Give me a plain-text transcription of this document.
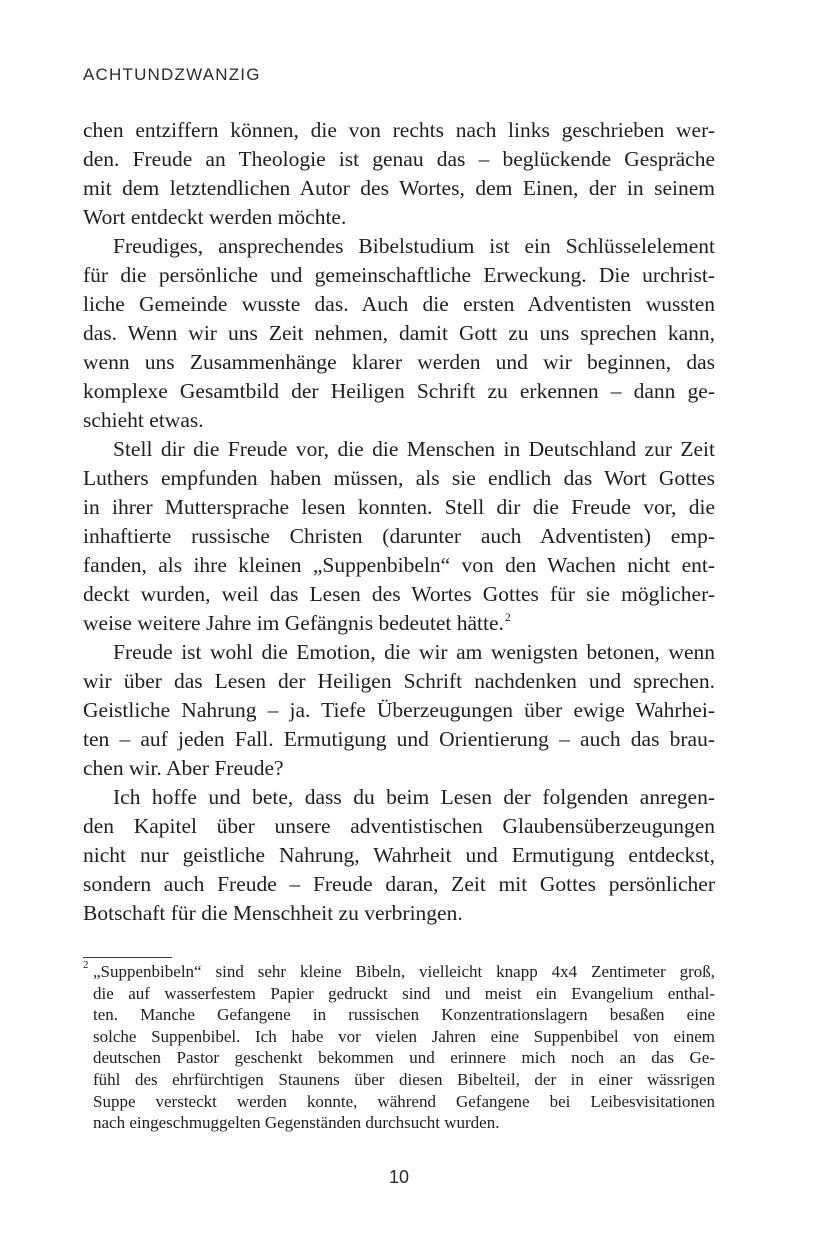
ACHTUNDZWANZIG
chen entziffern können, die von rechts nach links geschrieben wer-
den. Freude an Theologie ist genau das – beglückende Gespräche
mit dem letztendlichen Autor des Wortes, dem Einen, der in seinem
Wort entdeckt werden möchte.
Freudiges, ansprechendes Bibelstudium ist ein Schlüsselelement
für die persönliche und gemeinschaftliche Erweckung. Die urchrist-
liche Gemeinde wusste das. Auch die ersten Adventisten wussten
das. Wenn wir uns Zeit nehmen, damit Gott zu uns sprechen kann,
wenn uns Zusammenhänge klarer werden und wir beginnen, das
komplexe Gesamtbild der Heiligen Schrift zu erkennen – dann ge-
schieht etwas.
Stell dir die Freude vor, die die Menschen in Deutschland zur Zeit
Luthers empfunden haben müssen, als sie endlich das Wort Gottes
in ihrer Muttersprache lesen konnten. Stell dir die Freude vor, die
inhaftierte russische Christen (darunter auch Adventisten) emp-
fanden, als ihre kleinen „Suppenbibeln“ von den Wachen nicht ent-
deckt wurden, weil das Lesen des Wortes Gottes für sie möglicher-
weise weitere Jahre im Gefängnis bedeutet hätte.$^2$
Freude ist wohl die Emotion, die wir am wenigsten betonen, wenn
wir über das Lesen der Heiligen Schrift nachdenken und sprechen.
Geistliche Nahrung – ja. Tiefe Überzeugungen über ewige Wahrhei-
ten – auf jeden Fall. Ermutigung und Orientierung – auch das brau-
chen wir. Aber Freude?
Ich hoffe und bete, dass du beim Lesen der folgenden anregen-
den Kapitel über unsere adventistischen Glaubensüberzeugungen
nicht nur geistliche Nahrung, Wahrheit und Ermutigung entdeckst,
sondern auch Freude – Freude daran, Zeit mit Gottes persönlicher
Botschaft für die Menschheit zu verbringen.
2 „Suppenbibeln“ sind sehr kleine Bibeln, vielleicht knapp 4x4 Zentimeter groß,
die auf wasserfestem Papier gedruckt sind und meist ein Evangelium enthal-
ten. Manche Gefangene in russischen Konzentrationslagern besaßen eine
solche Suppenbibel. Ich habe vor vielen Jahren eine Suppenbibel von einem
deutschen Pastor geschenkt bekommen und erinnere mich noch an das Ge-
fühl des ehrfürchtigen Staunens über diesen Bibelteil, der in einer wässrigen
Suppe versteckt werden konnte, während Gefangene bei Leibesvisitationen
nach eingeschmuggelten Gegenständen durchsucht wurden.
10
